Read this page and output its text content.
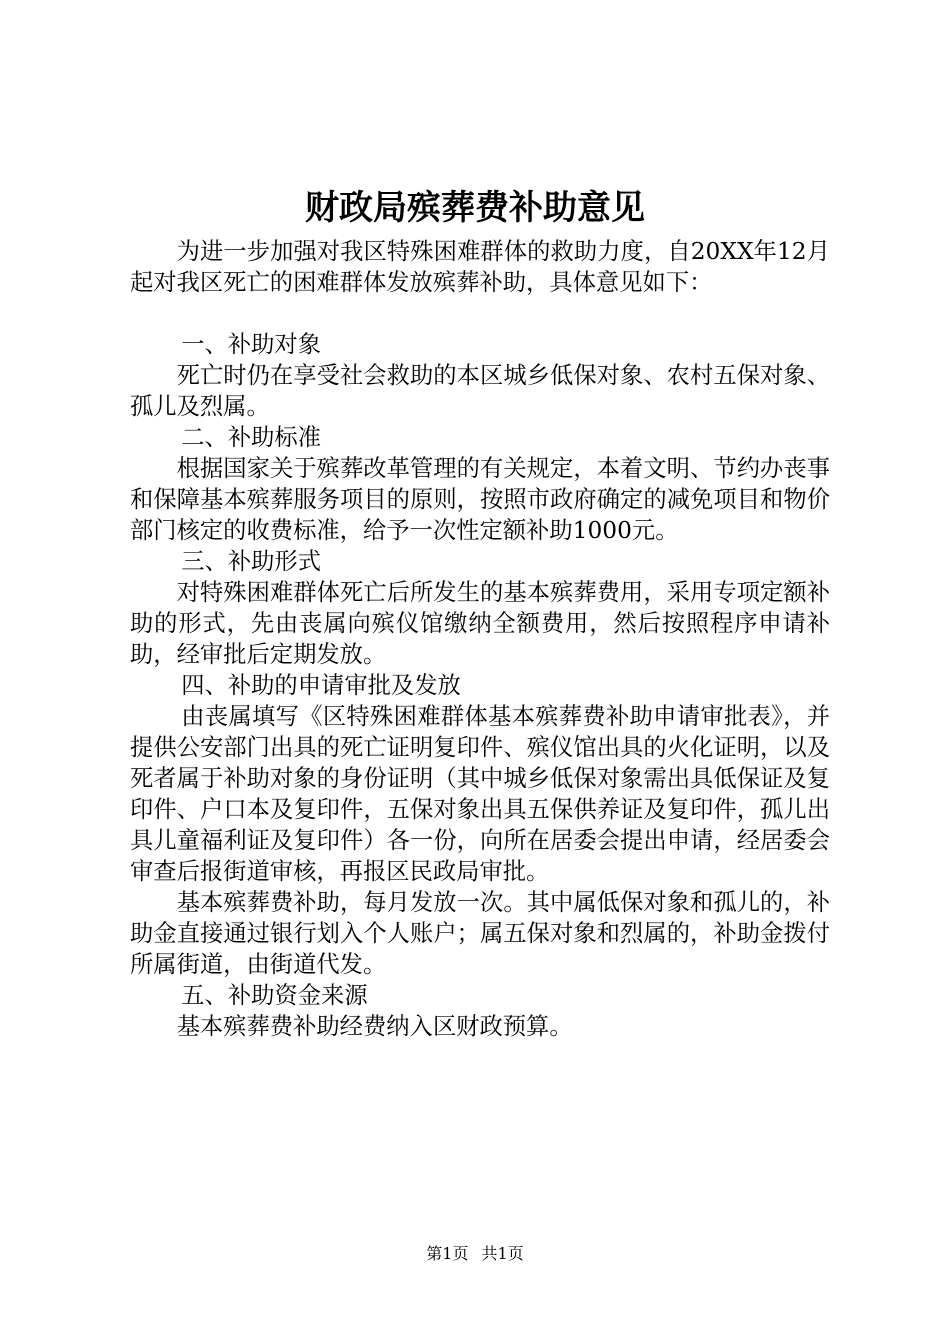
财政局殡葬费补助意见

为进一步加强对我区特殊困难群体的救助力度，自20XX年12月起对我区死亡的困难群体发放殡葬补助，具体意见如下：

一、补助对象

死亡时仍在享受社会救助的本区城乡低保对象、农村五保对象、孤儿及烈属。

二、补助标准

根据国家关于殡葬改革管理的有关规定，本着文明、节约办丧事和保障基本殡葬服务项目的原则，按照市政府确定的减免项目和物价部门核定的收费标准，给予一次性定额补助1000元。

三、补助形式

对特殊困难群体死亡后所发生的基本殡葬费用，采用专项定额补助的形式，先由丧属向殡仪馆缴纳全额费用，然后按照程序申请补助，经审批后定期发放。

四、补助的申请审批及发放

由丧属填写《区特殊困难群体基本殡葬费补助申请审批表》，并提供公安部门出具的死亡证明复印件、殡仪馆出具的火化证明，以及死者属于补助对象的身份证明（其中城乡低保对象需出具低保证及复印件、户口本及复印件，五保对象出具五保供养证及复印件，孤儿出具儿童福利证及复印件）各一份，向所在居委会提出申请，经居委会审查后报街道审核，再报区民政局审批。

基本殡葬费补助，每月发放一次。其中属低保对象和孤儿的，补助金直接通过银行划入个人账户；属五保对象和烈属的，补助金拨付所属街道，由街道代发。

五、补助资金来源

基本殡葬费补助经费纳入区财政预算。

第1页 共1页
